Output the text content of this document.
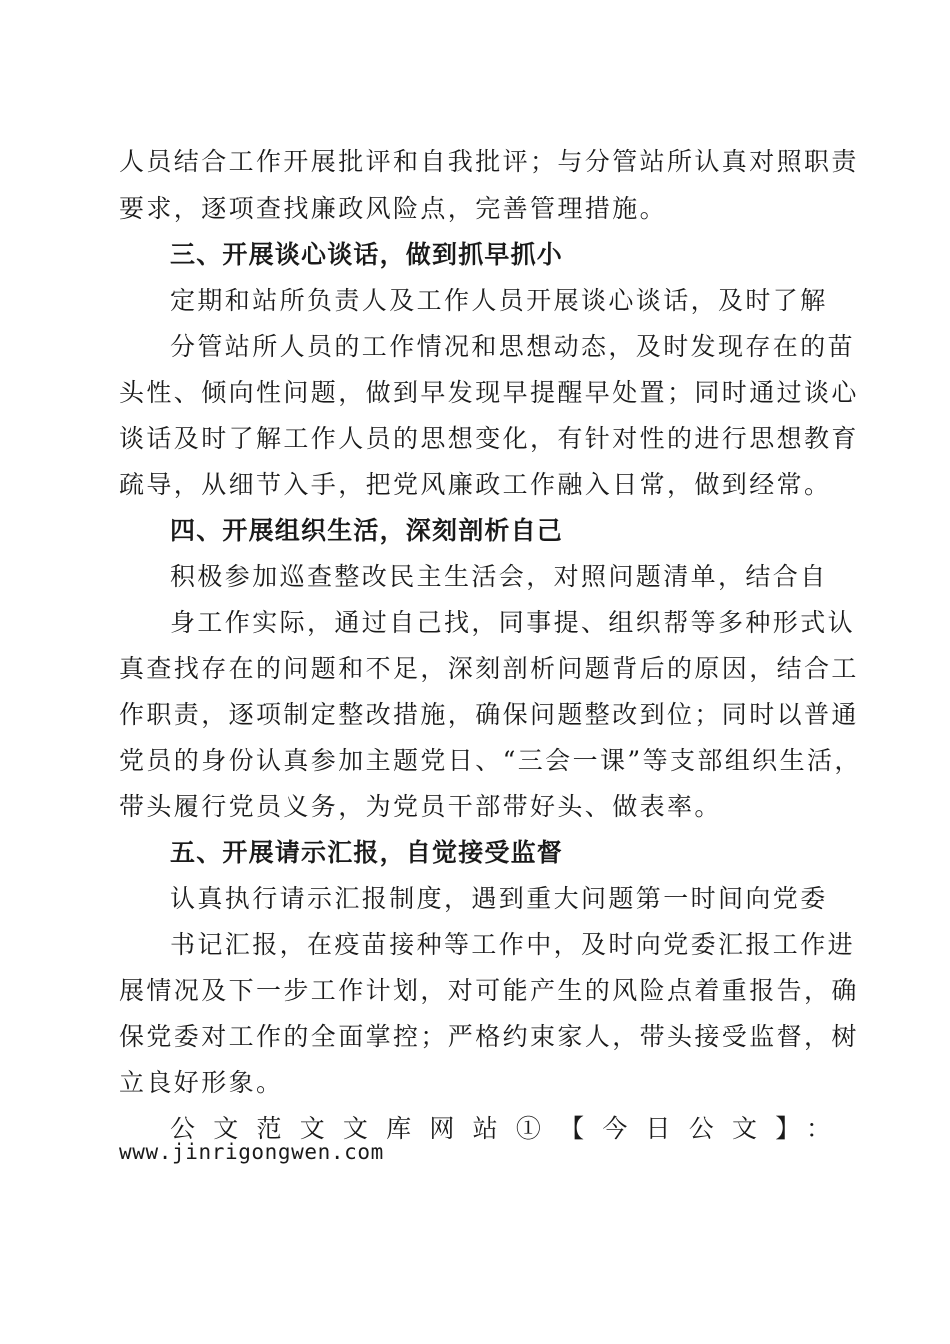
人员结合工作开展批评和自我批评；与分管站所认真对照职责
要求，逐项查找廉政风险点，完善管理措施。
三、开展谈心谈话，做到抓早抓小
定期和站所负责人及工作人员开展谈心谈话，及时了解
分管站所人员的工作情况和思想动态，及时发现存在的苗
头性、倾向性问题，做到早发现早提醒早处置；同时通过谈心
谈话及时了解工作人员的思想变化，有针对性的进行思想教育
疏导，从细节入手，把党风廉政工作融入日常，做到经常。
四、开展组织生活，深刻剖析自己
积极参加巡查整改民主生活会，对照问题清单，结合自
身工作实际，通过自己找，同事提、组织帮等多种形式认
真查找存在的问题和不足，深刻剖析问题背后的原因，结合工
作职责，逐项制定整改措施，确保问题整改到位；同时以普通
党员的身份认真参加主题党日、“三会一课”等支部组织生活，
带头履行党员义务，为党员干部带好头、做表率。
五、开展请示汇报，自觉接受监督
认真执行请示汇报制度，遇到重大问题第一时间向党委
书记汇报，在疫苗接种等工作中，及时向党委汇报工作进
展情况及下一步工作计划，对可能产生的风险点着重报告，确
保党委对工作的全面掌控；严格约束家人，带头接受监督，树
立良好形象。
公文范文文库网站①【今日公文】：
www.jinrigongwen.com
